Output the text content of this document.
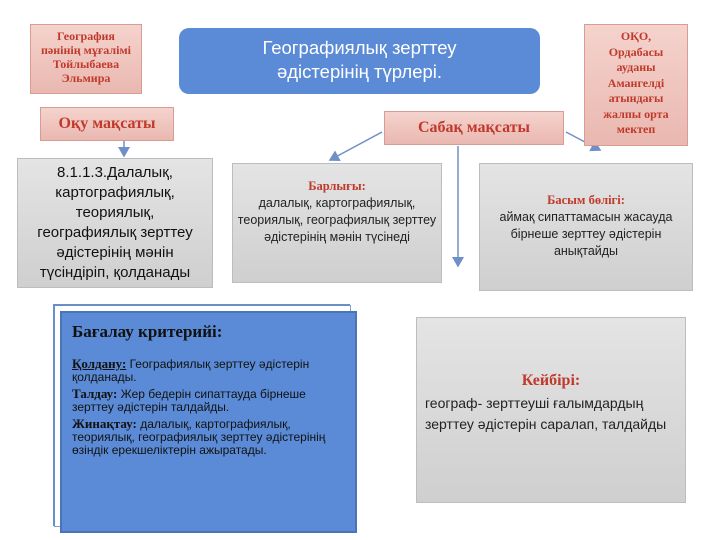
География
пәнінің мұғалімі
Тойлыбаева
Эльмира
Географиялық зерттеу
әдістерінің түрлері.
ОҚО,
Ордабасы
ауданы
Амангелді
атындағы
жалпы орта
мектеп
Оқу мақсаты	Сабақ мақсаты
8.1.1.3.Далалық,
картографиялық,
теориялық,
географиялық зерттеу
әдістерінің мәнін
түсіндіріп, қолданады
Барлығы:
далалық, картографиялық, теориялық, географиялық зерттеу әдістерінің мәнін түсінеді
Басым бөлігі:
аймақ сипаттамасын жасауда бірнеше зерттеу әдістерін анықтайды
Кейбірі:
географ- зерттеуші ғалымдардың зерттеу әдістерін саралап, талдайды
Бағалау критерийі:
Қолдану: Географиялық зерттеу әдістерін қолданады.
Талдау: Жер бедерін сипаттауда бірнеше зерттеу әдістерін талдайды.
Жинақтау: далалық, картографиялық, теориялық, географиялық зерттеу әдістерінің өзіндік ерекшеліктерін ажыратады.
